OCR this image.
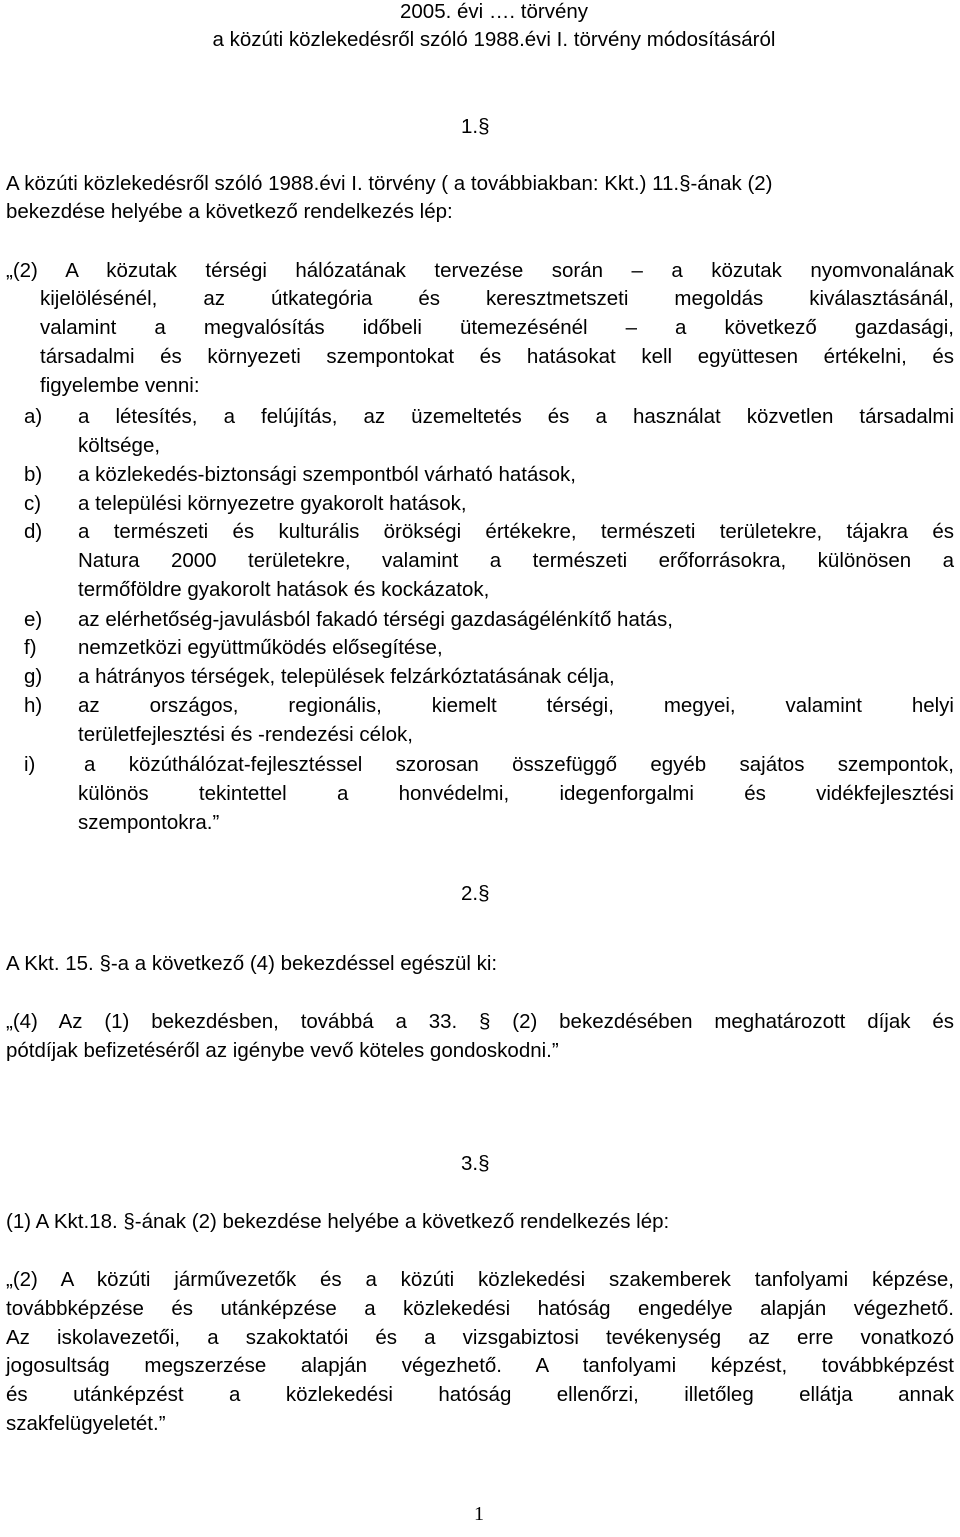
2005. évi …. törvény
a közúti közlekedésről szóló 1988.évi I. törvény módosításáról
1.§
A közúti közlekedésről szóló 1988.évi I. törvény ( a továbbiakban: Kkt.) 11.§-ának (2)
bekezdése helyébe a következő rendelkezés lép:
„(2) A közutak térségi hálózatának tervezése során – a közutak nyomvonalának
kijelölésénél, az útkategória és keresztmetszeti megoldás kiválasztásánál,
valamint a megvalósítás időbeli ütemezésénél – a következő gazdasági,
társadalmi és környezeti szempontokat és hatásokat kell együttesen értékelni, és
figyelembe venni:
a) a létesítés, a felújítás, az üzemeltetés és a használat közvetlen társadalmi
költsége,
b) a közlekedés-biztonsági szempontból várható hatások,
c) a települési környezetre gyakorolt hatások,
d) a természeti és kulturális örökségi értékekre, természeti területekre, tájakra és
Natura 2000 területekre, valamint a természeti erőforrásokra, különösen a
termőföldre gyakorolt hatások és kockázatok,
e) az elérhetőség-javulásból fakadó térségi gazdaságélénkítő hatás,
f) nemzetközi együttműködés elősegítése,
g) a hátrányos térségek, települések felzárkóztatásának célja,
h) az országos, regionális, kiemelt térségi, megyei, valamint helyi
területfejlesztési és -rendezési célok,
i) a közúthálózat-fejlesztéssel szorosan összefüggő egyéb sajátos szempontok,
különös tekintettel a honvédelmi, idegenforgalmi és vidékfejlesztési
szempontokra.”
2.§
A Kkt. 15. §-a a következő (4) bekezdéssel egészül ki:
„(4) Az (1) bekezdésben, továbbá a 33. § (2) bekezdésében meghatározott díjak és
pótdíjak befizetéséről az igénybe vevő köteles gondoskodni.”
3.§
(1) A Kkt.18. §-ának (2) bekezdése helyébe a következő rendelkezés lép:
„(2) A közúti járművezetők és a közúti közlekedési szakemberek tanfolyami képzése,
továbbképzése és utánképzése a közlekedési hatóság engedélye alapján végezhető.
Az iskolavezetői, a szakoktatói és a vizsgabiztosi tevékenység az erre vonatkozó
jogosultság megszerzése alapján végezhető. A tanfolyami képzést, továbbképzést
és utánképzést a közlekedési hatóság ellenőrzi, illetőleg ellátja annak
szakfelügyeletét.”
1
